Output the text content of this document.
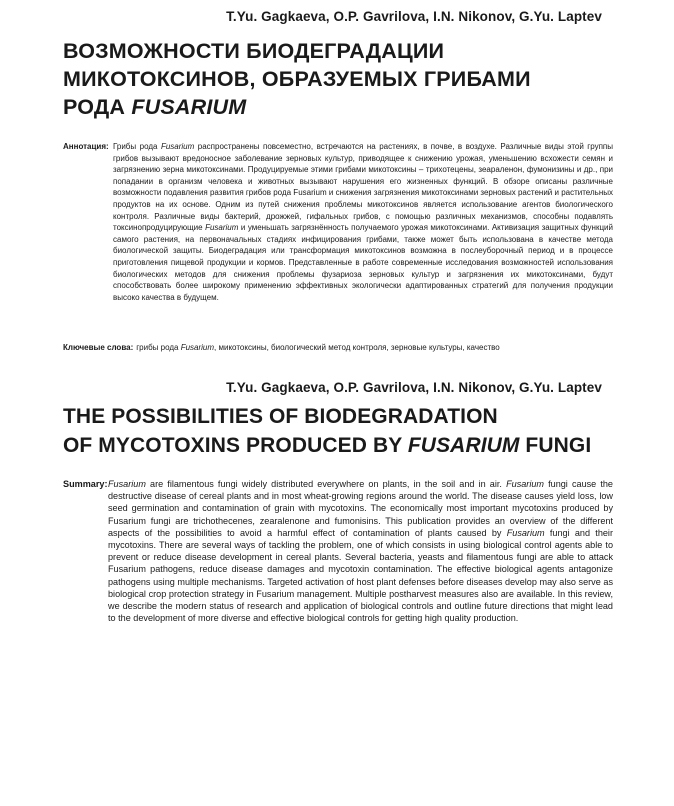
T.Yu. Gagkaeva, O.P. Gavrilova, I.N. Nikonov, G.Yu. Laptev
ВОЗМОЖНОСТИ БИОДЕГРАДАЦИИ
МИКОТОКСИНОВ, ОБРАЗУЕМЫХ ГРИБАМИ
РОДА FUSARIUM
Аннотация: Грибы рода Fusarium распространены повсеместно, встречаются на растениях, в почве, в воздухе. Различные виды этой группы грибов вызывают вредоносное заболевание зерновых культур, приводящее к снижению урожая, уменьшению всхожести семян и загрязнению зерна микотоксинами. Продуцируемые этими грибами микотоксины – трихотецены, зеараленон, фумонизины и др., при попадании в организм человека и животных вызывают нарушения его жизненных функций. В обзоре описаны различные возможности подавления развития грибов рода Fusarium и снижения загрязнения микотоксинами зерновых растений и растительных продуктов на их основе. Одним из путей снижения проблемы микотоксинов является использование агентов биологического контроля. Различные виды бактерий, дрожжей, гифальных грибов, с помощью различных механизмов, способны подавлять токсинопродуцирующие Fusarium и уменьшать загрязнённость получаемого урожая микотоксинами. Активизация защитных функций самого растения, на первоначальных стадиях инфицирования грибами, также может быть использована в качестве метода биологической защиты. Биодеградация или трансформация микотоксинов возможна в послеуборочный период и в процессе приготовления пищевой продукции и кормов. Представленные в работе современные исследования возможностей использования биологических методов для снижения проблемы фузариоза зерновых культур и загрязнения их микотоксинами, будут способствовать более широкому применению эффективных экологически адаптированных стратегий для получения продукции высоко качества в будущем.
Ключевые слова: грибы рода Fusarium, микотоксины, биологический метод контроля, зерновые культуры, качество
T.Yu. Gagkaeva, O.P. Gavrilova, I.N. Nikonov, G.Yu. Laptev
THE POSSIBILITIES OF BIODEGRADATION
OF MYCOTOXINS PRODUCED BY FUSARIUM FUNGI
Summary: Fusarium are filamentous fungi widely distributed everywhere on plants, in the soil and in air. Fusarium fungi cause the destructive disease of cereal plants and in most wheat-growing regions around the world. The disease causes yield loss, low seed germination and contamination of grain with mycotoxins. The economically most important mycotoxins produced by Fusarium fungi are trichothecenes, zearalenone and fumonisins. This publication provides an overview of the different aspects of the possibilities to avoid a harmful effect of contamination of plants caused by Fusarium fungi and their mycotoxins. There are several ways of tackling the problem, one of which consists in using biological control agents able to prevent or reduce disease development in cereal plants. Several bacteria, yeasts and filamentous fungi are able to attack Fusarium pathogens, reduce disease damages and mycotoxin contamination. The effective biological agents antagonize pathogens using multiple mechanisms. Targeted activation of host plant defenses before diseases develop may also serve as biological crop protection strategy in Fusarium management. Multiple postharvest measures also are available. In this review, we describe the modern status of research and application of biological controls and outline future directions that might lead to the development of more diverse and effective biological controls for getting high quality production.
